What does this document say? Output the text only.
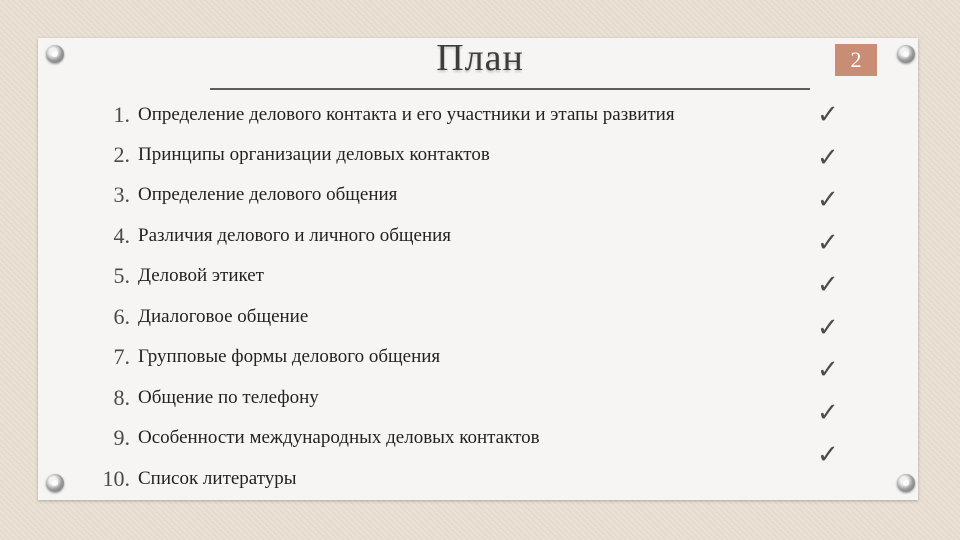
План	2
1. Определение делового контакта и его участники и этапы развития
2. Принципы организации деловых контактов
3. Определение делового общения
4. Различия делового и личного общения
5. Деловой этикет
6. Диалоговое общение
7. Групповые формы делового общения
8. Общение по телефону
9. Особенности международных деловых контактов
10. Список литературы
✓
✓
✓
✓
✓
✓
✓
✓
✓
